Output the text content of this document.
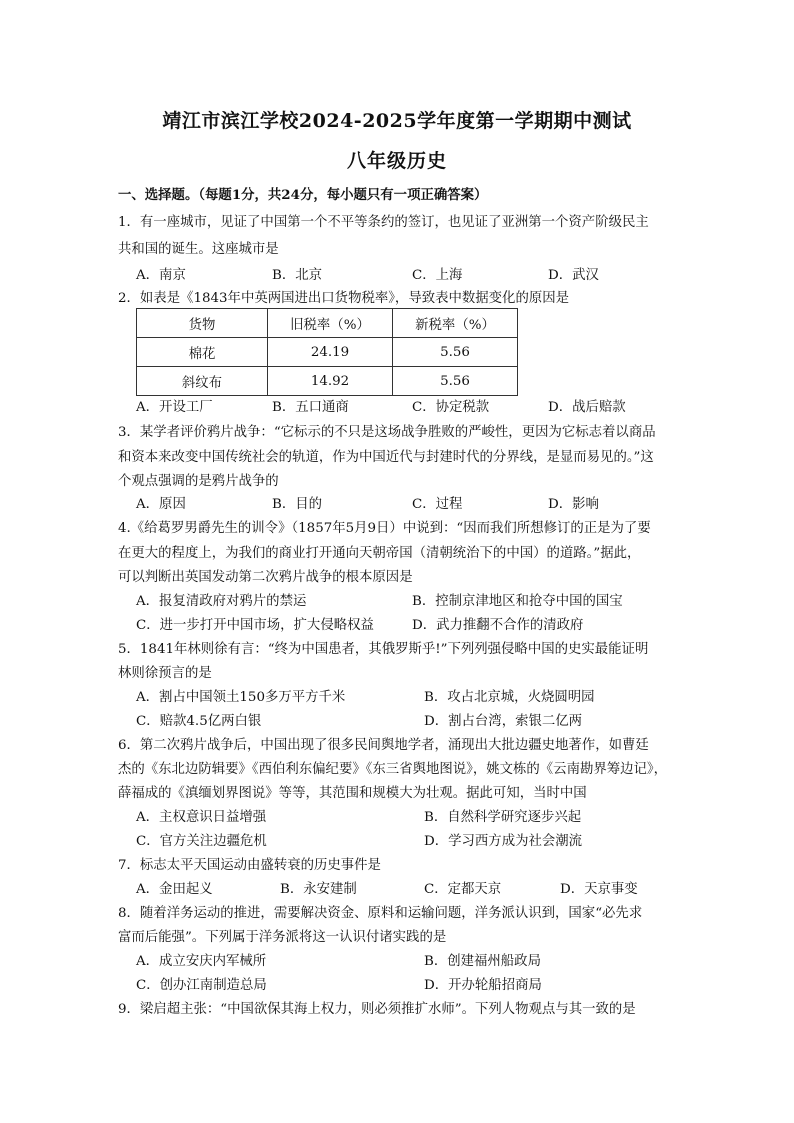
靖江市滨江学校2024-2025学年度第一学期期中测试
八年级历史
一、选择题。（每题1分，共24分，每小题只有一项正确答案）
1．有一座城市，见证了中国第一个不平等条约的签订，也见证了亚洲第一个资产阶级民主
共和国的诞生。这座城市是
A．南京	B．北京	C．上海	D．武汉
2．如表是《1843年中英两国进出口货物税率》，导致表中数据变化的原因是
货物	旧税率（%）	新税率（%）
棉花	24.19	5.56
斜纹布	14.92	5.56
A．开设工厂	B．五口通商	C．协定税款	D．战后赔款
3．某学者评价鸦片战争：“它标示的不只是这场战争胜败的严峻性，更因为它标志着以商品
和资本来改变中国传统社会的轨道，作为中国近代与封建时代的分界线，是显而易见的。”这
个观点强调的是鸦片战争的
A．原因	B．目的	C．过程	D．影响
4.《给葛罗男爵先生的训令》（1857年5月9日）中说到：“因而我们所想修订的正是为了要
在更大的程度上，为我们的商业打开通向天朝帝国（清朝统治下的中国）的道路。”据此，
可以判断出英国发动第二次鸦片战争的根本原因是
A．报复清政府对鸦片的禁运	B．控制京津地区和抢夺中国的国宝
C．进一步打开中国市场，扩大侵略权益	D．武力推翻不合作的清政府
5．1841年林则徐有言：“终为中国患者，其俄罗斯乎!”下列列强侵略中国的史实最能证明
林则徐预言的是
A．割占中国领土150多万平方千米	B．攻占北京城，火烧圆明园
C．赔款4.5亿两白银	D．割占台湾，索银二亿两
6．第二次鸦片战争后，中国出现了很多民间舆地学者，涌现出大批边疆史地著作，如曹廷
杰的《东北边防辑要》《西伯利东偏纪要》《东三省舆地图说》，姚文栋的《云南勘界筹边记》，
薛福成的《滇缅划界图说》等等，其范围和规模大为壮观。据此可知，当时中国
A．主权意识日益增强	B．自然科学研究逐步兴起
C．官方关注边疆危机	D．学习西方成为社会潮流
7．标志太平天国运动由盛转衰的历史事件是
A．金田起义	B．永安建制	C．定都天京	D．天京事变
8．随着洋务运动的推进，需要解决资金、原料和运输问题，洋务派认识到，国家“必先求
富而后能强”。下列属于洋务派将这一认识付诸实践的是
A．成立安庆内军械所	B．创建福州船政局
C．创办江南制造总局	D．开办轮船招商局
9．梁启超主张：“中国欲保其海上权力，则必须推扩水师”。下列人物观点与其一致的是
